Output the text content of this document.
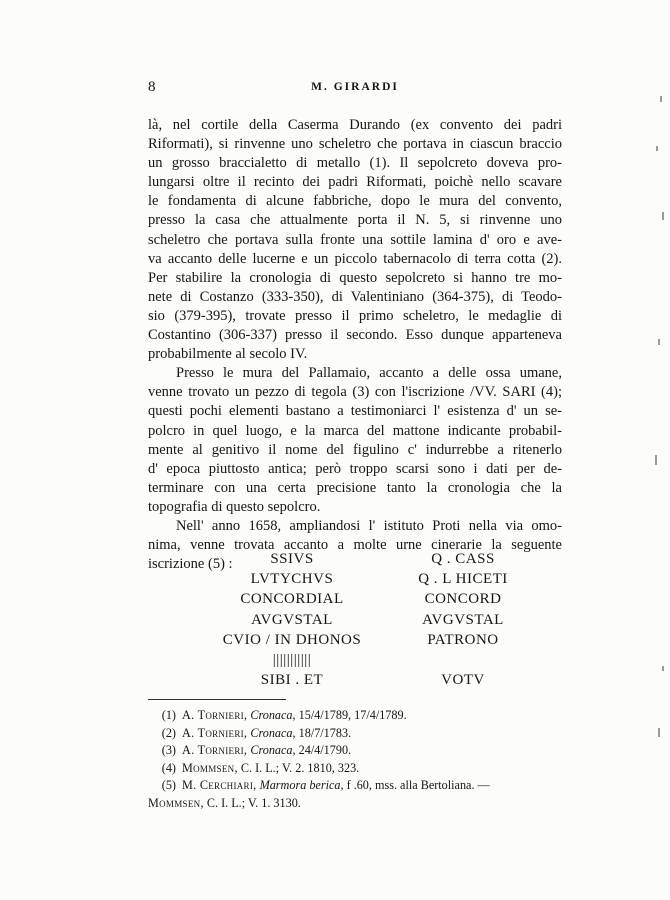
8	M. GIRARDI
là, nel cortile della Caserma Durando (ex convento dei padri
Riformati), si rinvenne uno scheletro che portava in ciascun braccio
un grosso braccialetto di metallo (1). Il sepolcreto doveva pro-
lungarsi oltre il recinto dei padri Riformati, poichè nello scavare
le fondamenta di alcune fabbriche, dopo le mura del convento,
presso la casa che attualmente porta il N. 5, si rinvenne uno
scheletro che portava sulla fronte una sottile lamina d' oro e ave-
va accanto delle lucerne e un piccolo tabernacolo di terra cotta (2).
Per stabilire la cronologia di questo sepolcreto si hanno tre mo-
nete di Costanzo (333-350), di Valentiniano (364-375), di Teodo-
sio (379-395), trovate presso il primo scheletro, le medaglie di
Costantino (306-337) presso il secondo. Esso dunque apparteneva
probabilmente al secolo IV.
Presso le mura del Pallamaio, accanto a delle ossa umane,
venne trovato un pezzo di tegola (3) con l'iscrizione /VV. SARI (4);
questi pochi elementi bastano a testimoniarci l' esistenza d' un se-
polcro in quel luogo, e la marca del mattone indicante probabil-
mente al genitivo il nome del figulino c' indurrebbe a ritenerlo
d' epoca piuttosto antica; però troppo scarsi sono i dati per de-
terminare con una certa precisione tanto la cronologia che la
topografia di questo sepolcro.
Nell' anno 1658, ampliandosi l' istituto Proti nella via omo-
nima, venne trovata accanto a molte urne cinerarie la seguente
iscrizione (5) :	SSIVS	Q . CASS
LVTYCHVS	Q . L HICETI
CONCORDIAL	CONCORD
AVGVSTAL	AVGVSTAL
CVIO / IN DHONOS	PATRONO
|||||||||||
SIBI . ET	VOTV
(1) A. Tornieri, Cronaca, 15/4/1789, 17/4/1789.
(2) A. Tornieri, Cronaca, 18/7/1783.
(3) A. Tornieri, Cronaca, 24/4/1790.
(4) Mommsen, C. I. L.; V. 2. 1810, 323.
(5) M. Cerchiari, Marmora berica, f .60, mss. alla Bertoliana. —
Mommsen, C. I. L.; V. 1. 3130.
